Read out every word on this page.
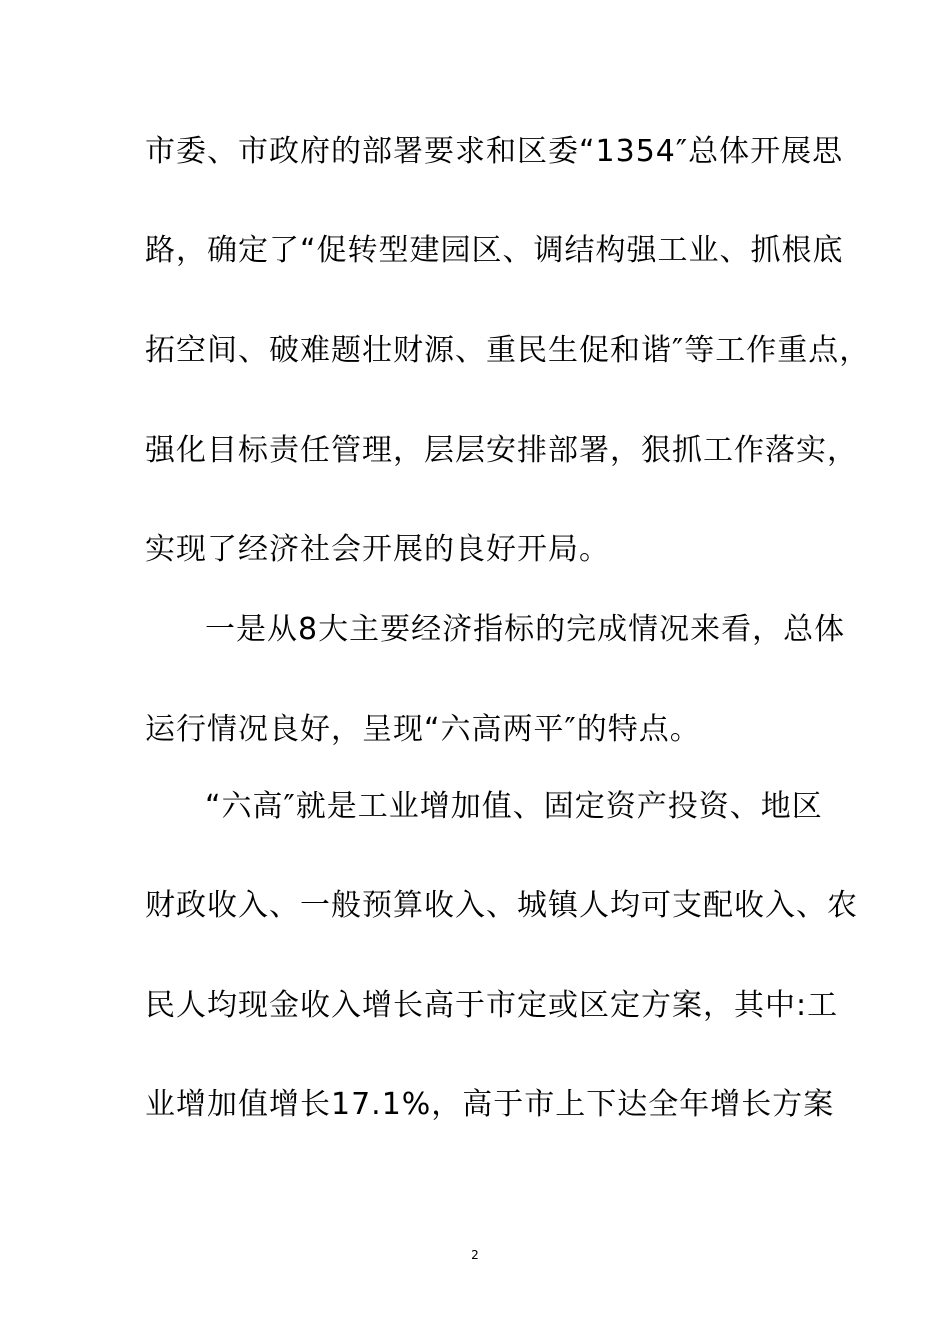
市委、市政府的部署要求和区委“1354″总体开展思
路，确定了“促转型建园区、调结构强工业、抓根底
拓空间、破难题壮财源、重民生促和谐″等工作重点，
强化目标责任管理，层层安排部署，狠抓工作落实，
实现了经济社会开展的良好开局。
一是从8大主要经济指标的完成情况来看，总体
运行情况良好，呈现“六高两平″的特点。
“六高″就是工业增加值、固定资产投资、地区
财政收入、一般预算收入、城镇人均可支配收入、农
民人均现金收入增长高于市定或区定方案，其中:工
业增加值增长17.1%，高于市上下达全年增长方案
2
